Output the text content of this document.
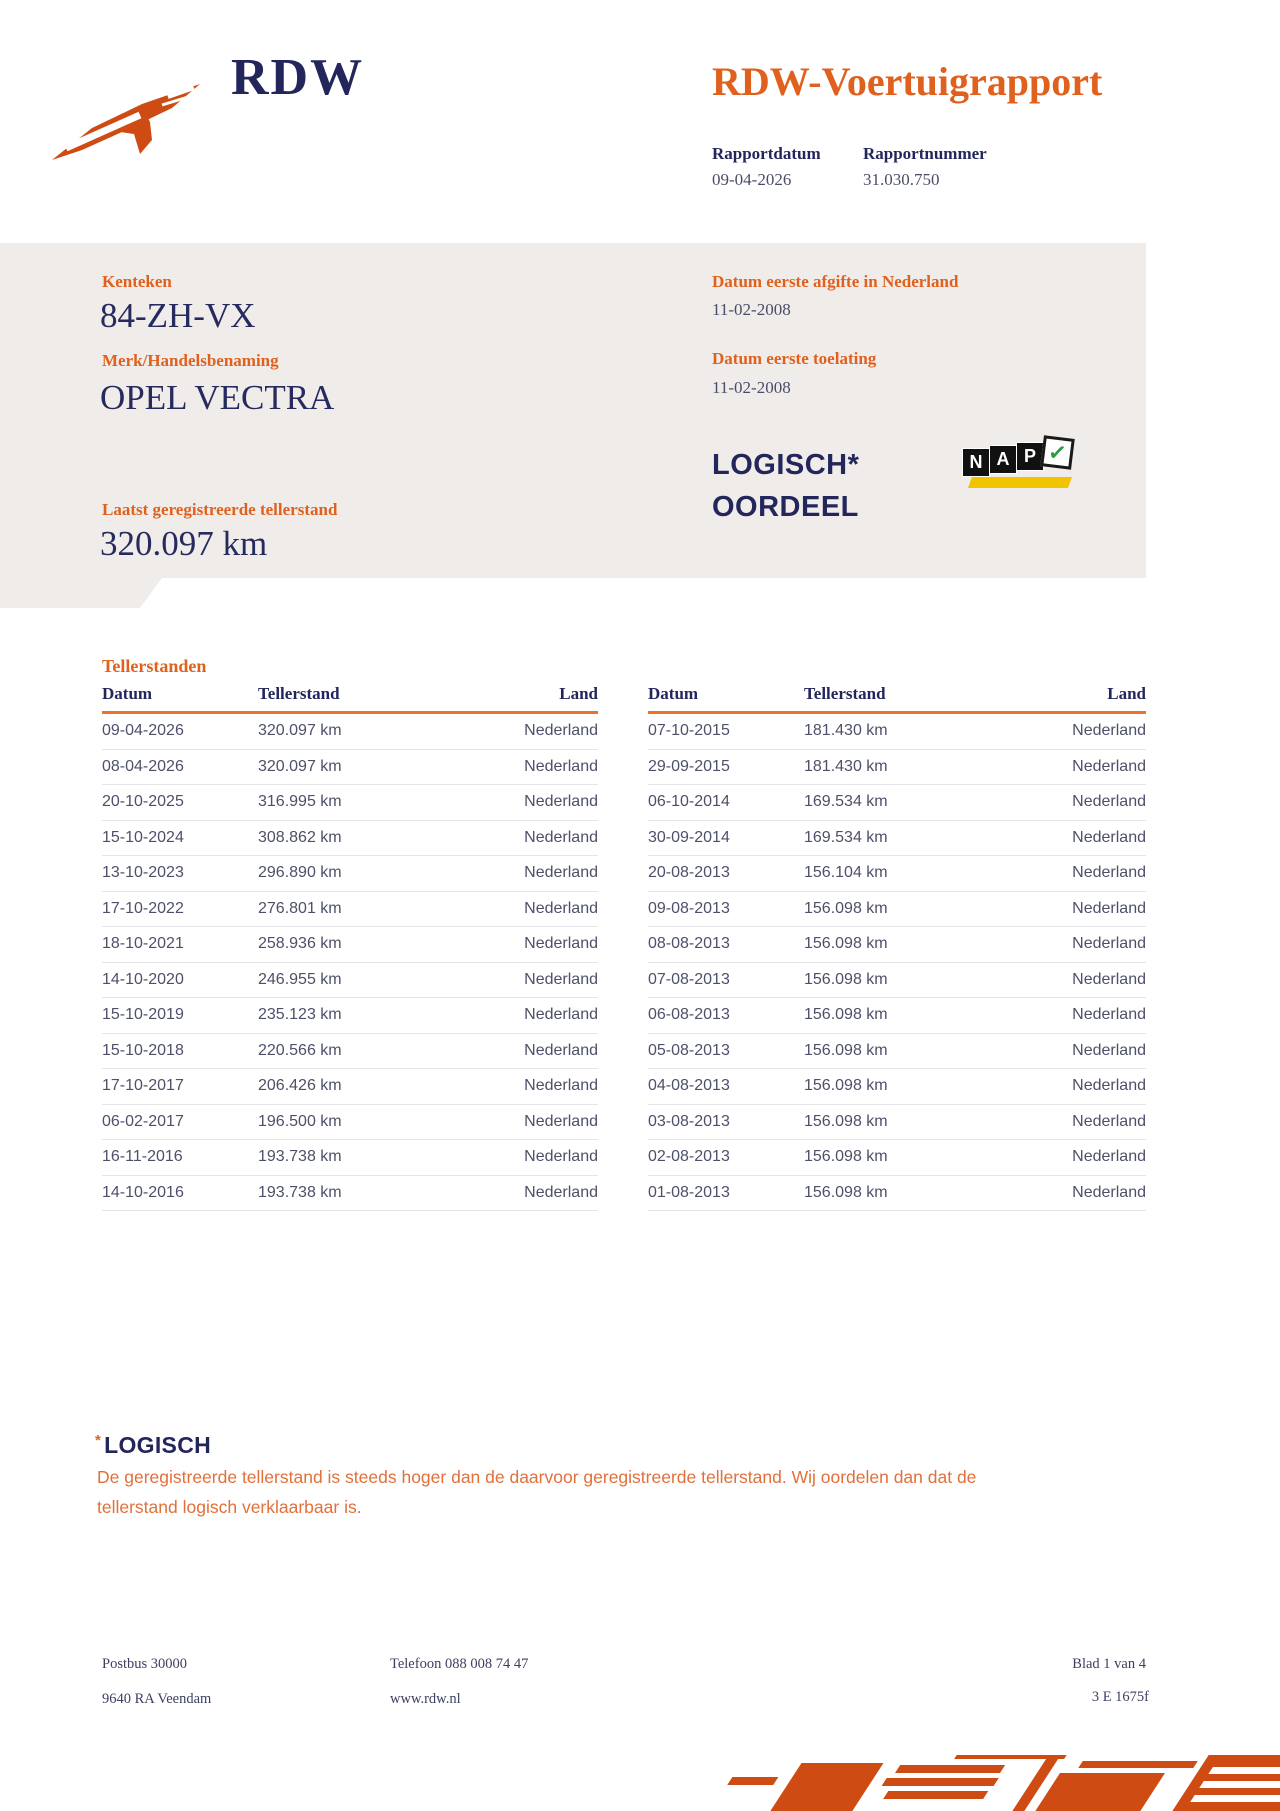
RDW	RDW-Voertuigrapport
Rapportdatum Rapportnummer
09-04-2026	31.030.750
Kenteken
84-ZH-VX
Merk/Handelsbenaming
OPEL VECTRA
Laatst geregistreerde tellerstand
320.097 km
Datum eerste afgifte in Nederland
11-02-2008
Datum eerste toelating
11-02-2008
LOGISCH*
OORDEEL
N A P ✓
Tellerstanden
Datum	Tellerstand	Land
09-04-2026	320.097 km	Nederland
08-04-2026	320.097 km	Nederland
20-10-2025	316.995 km	Nederland
15-10-2024	308.862 km	Nederland
13-10-2023	296.890 km	Nederland
17-10-2022	276.801 km	Nederland
18-10-2021	258.936 km	Nederland
14-10-2020	246.955 km	Nederland
15-10-2019	235.123 km	Nederland
15-10-2018	220.566 km	Nederland
17-10-2017	206.426 km	Nederland
06-02-2017	196.500 km	Nederland
16-11-2016	193.738 km	Nederland
14-10-2016	193.738 km	Nederland
Datum	Tellerstand	Land
07-10-2015	181.430 km	Nederland
29-09-2015	181.430 km	Nederland
06-10-2014	169.534 km	Nederland
30-09-2014	169.534 km	Nederland
20-08-2013	156.104 km	Nederland
09-08-2013	156.098 km	Nederland
08-08-2013	156.098 km	Nederland
07-08-2013	156.098 km	Nederland
06-08-2013	156.098 km	Nederland
05-08-2013	156.098 km	Nederland
04-08-2013	156.098 km	Nederland
03-08-2013	156.098 km	Nederland
02-08-2013	156.098 km	Nederland
01-08-2013	156.098 km	Nederland
* LOGISCH
De geregistreerde tellerstand is steeds hoger dan de daarvoor geregistreerde tellerstand. Wij oordelen dan dat de
tellerstand logisch verklaarbaar is.
Postbus 30000
9640 RA Veendam
Telefoon 088 008 74 47
www.rdw.nl
Blad 1 van 4
3 E 1675f
